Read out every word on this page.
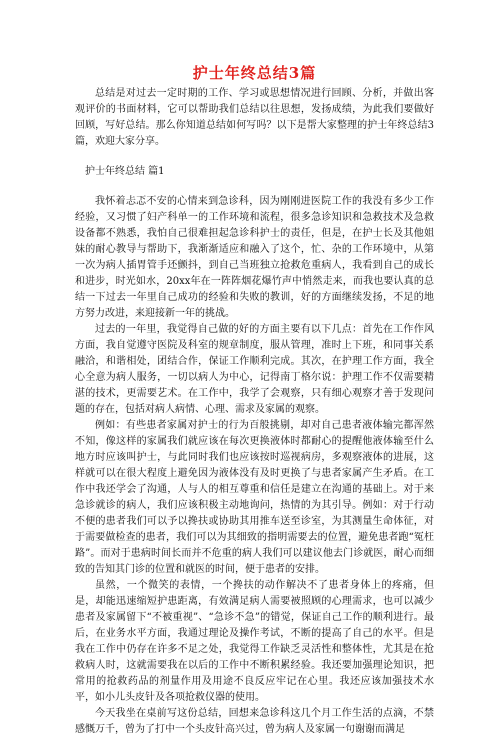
护士年终总结3篇

总结是对过去一定时期的工作、学习或思想情况进行回顾、分析，并做出客观评价的书面材料，它可以帮助我们总结以往思想，发扬成绩，为此我们要做好回顾，写好总结。那么你知道总结如何写吗？以下是帮大家整理的护士年终总结3篇，欢迎大家分享。

护士年终总结 篇1

我怀着忐忑不安的心情来到急诊科，因为刚刚进医院工作的我没有多少工作经验，又习惯了妇产科单一的工作环境和流程，很多急诊知识和急救技术及急救设备都不熟悉，我怕自己很难担起急诊科护士的责任，但是，在护士长及其他姐妹的耐心教导与帮助下，我渐渐适应和融入了这个，忙、杂的工作环境中，从第一次为病人插胃管手还颤抖，到自己当班独立抢救危重病人，我看到自己的成长和进步，时光如水，20xx年在一阵阵烟花爆竹声中悄然走来，而我也要认真的总结一下过去一年里自己成功的经验和失败的教训，好的方面继续发扬，不足的地方努力改进，来迎接新一年的挑战。

过去的一年里，我觉得自己做的好的方面主要有以下几点：首先在工作作风方面，我自觉遵守医院及科室的规章制度，服从管理，准时上下班，和同事关系融洽，和谐相处，团结合作，保证工作顺利完成。其次，在护理工作方面，我全心全意为病人服务，一切以病人为中心，记得南丁格尔说：护理工作不仅需要精湛的技术，更需要艺术。在工作中，我学了会观察，只有细心观察才善于发现问题的存在，包括对病人病情、心理、需求及家属的观察。

例如：有些患者家属对护士的行为百般挑剔，却对自己患者液体输完都浑然不知，像这样的家属我们就应该在每次更换液体时都耐心的提醒他液体输至什么地方时应该叫护士，与此同时我们也应该按时巡视病房，多观察液体的进展，这样就可以在很大程度上避免因为液体没有及时更换了与患者家属产生矛盾。在工作中我还学会了沟通，人与人的相互尊重和信任是建立在沟通的基础上。对于来急诊就诊的病人，我们应该积极主动地询问，热情的为其引导。例如：对于行动不便的患者我们可以予以搀扶或协助其用推车送至诊室，为其测量生命体征，对于需要做检查的患者，我们可以为其细致的指明需要去的位置，避免患者跑“冤枉路”。而对于患病时间长而并不危重的病人我们可以建议他去门诊就医，耐心而细致的告知其门诊的位置和就医的时间，便于患者的安排。

虽然，一个微笑的表情，一个搀扶的动作解决不了患者身体上的疼痛，但是，却能迅速缩短护患距离，有效满足病人需要被照顾的心理需求，也可以减少患者及家属留下“不被重视”、“急诊不急”的错觉，保证自己工作的顺利进行。最后，在业务水平方面，我通过理论及操作考试，不断的提高了自己的水平。但是我在工作中仍存在许多不足之处，我觉得工作缺乏灵活性和整体性，尤其是在抢救病人时，这就需要我在以后的工作中不断积累经验。我还要加强理论知识，把常用的抢救药品的剂量作用及用途不良反应牢记在心里。我还应该加强技术水平，如小儿头皮针及各项抢救仪器的使用。

今天我坐在桌前写这份总结，回想来急诊科这几个月工作生活的点滴，不禁感慨万千，曾为了打中一个头皮针高兴过，曾为病人及家属一句谢谢而满足
